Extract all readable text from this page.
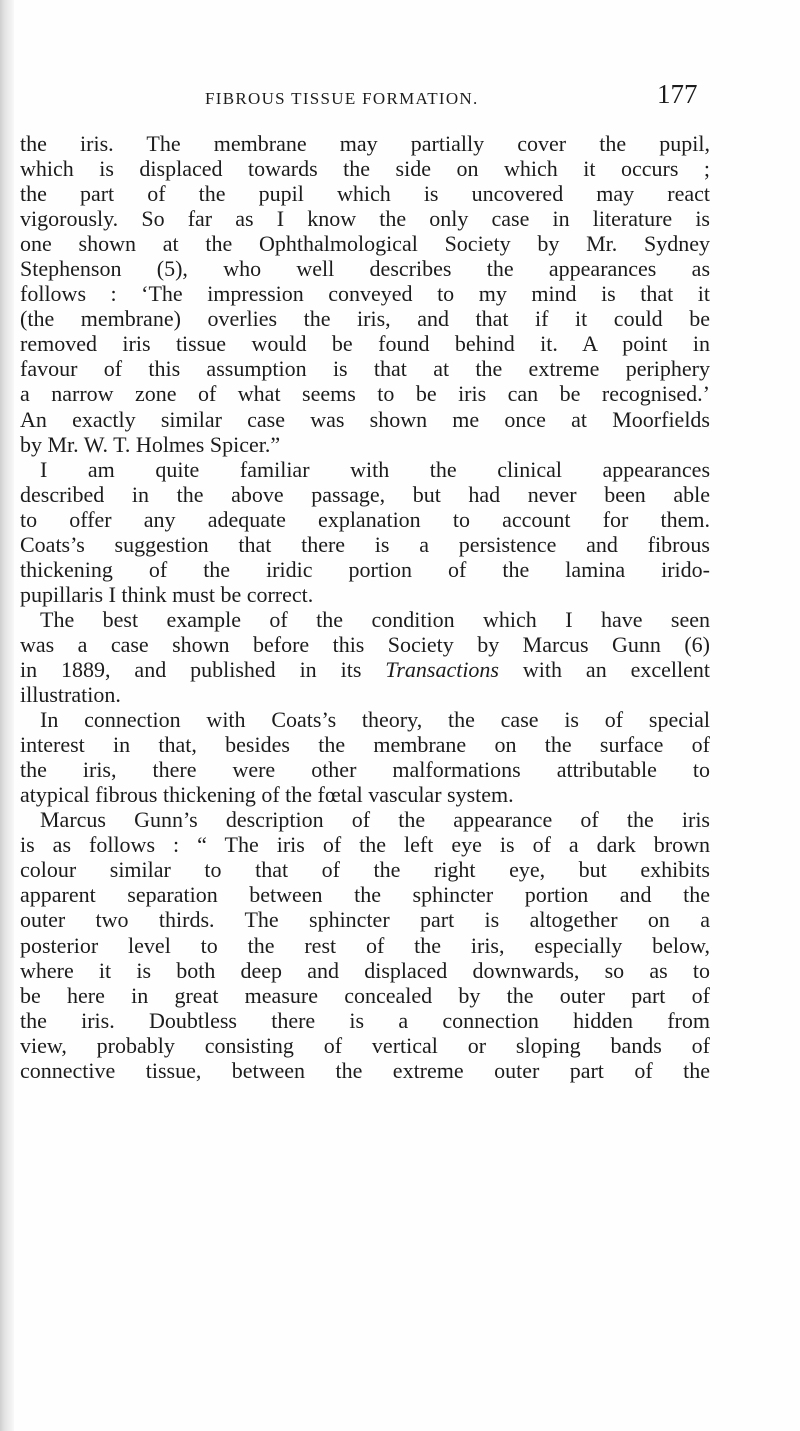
FIBROUS TISSUE FORMATION.	177
the iris. The membrane may partially cover the pupil,
which is displaced towards the side on which it occurs ;
the part of the pupil which is uncovered may react
vigorously. So far as I know the only case in literature is
one shown at the Ophthalmological Society by Mr. Sydney
Stephenson (5), who well describes the appearances as
follows : ‘The impression conveyed to my mind is that it
(the membrane) overlies the iris, and that if it could be
removed iris tissue would be found behind it. A point in
favour of this assumption is that at the extreme periphery
a narrow zone of what seems to be iris can be recognised.’
An exactly similar case was shown me once at Moorfields
by Mr. W. T. Holmes Spicer.”
I am quite familiar with the clinical appearances
described in the above passage, but had never been able
to offer any adequate explanation to account for them.
Coats’s suggestion that there is a persistence and fibrous
thickening of the iridic portion of the lamina irido-
pupillaris I think must be correct.
The best example of the condition which I have seen
was a case shown before this Society by Marcus Gunn (6)
in 1889, and published in its Transactions with an excellent
illustration.
In connection with Coats’s theory, the case is of special
interest in that, besides the membrane on the surface of
the iris, there were other malformations attributable to
atypical fibrous thickening of the fœtal vascular system.
Marcus Gunn’s description of the appearance of the iris
is as follows : “ The iris of the left eye is of a dark brown
colour similar to that of the right eye, but exhibits
apparent separation between the sphincter portion and the
outer two thirds. The sphincter part is altogether on a
posterior level to the rest of the iris, especially below,
where it is both deep and displaced downwards, so as to
be here in great measure concealed by the outer part of
the iris. Doubtless there is a connection hidden from
view, probably consisting of vertical or sloping bands of
connective tissue, between the extreme outer part of the
